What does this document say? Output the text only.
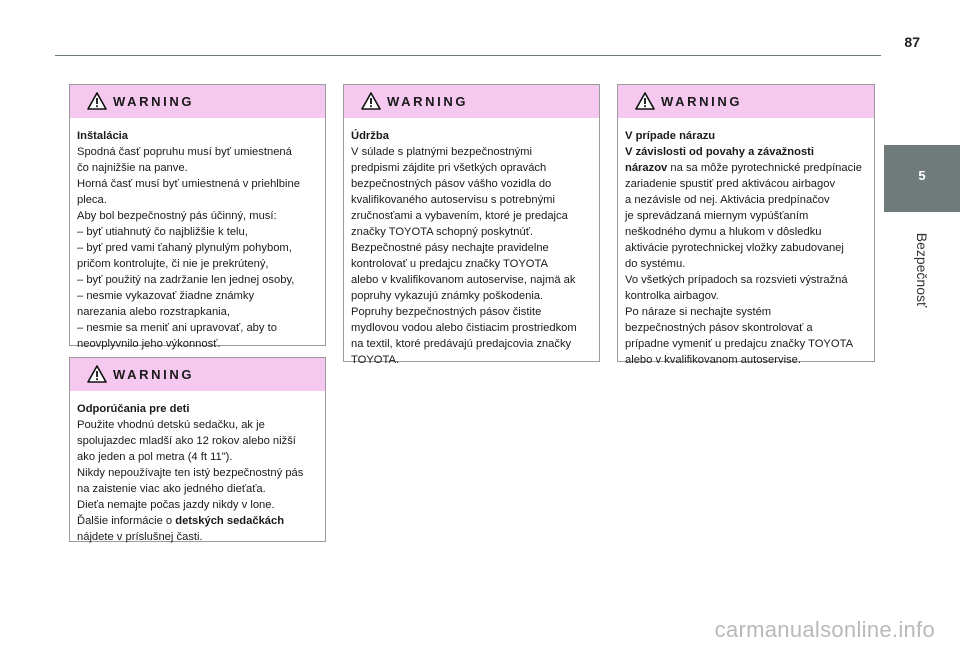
87
5
Bezpečnosť
WARNING

Inštalácia

Spodná časť popruhu musí byť umiestnená

čo najnižšie na panve.

Horná časť musí byť umiestnená v priehlbine

pleca.

Aby bol bezpečnostný pás účinný, musí:

– byť utiahnutý čo najbližšie k telu,

– byť pred vami ťahaný plynulým pohybom,

pričom kontrolujte, či nie je prekrútený,

– byť použitý na zadržanie len jednej osoby,

– nesmie vykazovať žiadne známky

narezania alebo rozstrapkania,

– nesmie sa meniť ani upravovať, aby to

neovplyvnilo jeho výkonnosť.

WARNING

Odporúčania pre deti

Použite vhodnú detskú sedačku, ak je

spolujazdec mladší ako 12 rokov alebo nižší

ako jeden a pol metra (4 ft 11").

Nikdy nepoužívajte ten istý bezpečnostný pás

na zaistenie viac ako jedného dieťaťa.

Dieťa nemajte počas jazdy nikdy v lone.

Ďalšie informácie o detských sedačkách

nájdete v príslušnej časti.

WARNING

Údržba

V súlade s platnými bezpečnostnými

predpismi zájdite pri všetkých opravách

bezpečnostných pásov vášho vozidla do

kvalifikovaného autoservisu s potrebnými

zručnosťami a vybavením, ktoré je predajca

značky TOYOTA schopný poskytnúť.

Bezpečnostné pásy nechajte pravidelne

kontrolovať u predajcu značky TOYOTA

alebo v kvalifikovanom autoservise, najmä ak

popruhy vykazujú známky poškodenia.

Popruhy bezpečnostných pásov čistite

mydlovou vodou alebo čistiacim prostriedkom

na textil, ktoré predávajú predajcovia značky

TOYOTA.

WARNING

V prípade nárazu

V závislosti od povahy a závažnosti

nárazov na sa môže pyrotechnické predpínacie

zariadenie spustiť pred aktivácou airbagov

a nezávisle od nej. Aktivácia predpínačov

je sprevádzaná miernym vypúšťaním

neškodného dymu a hlukom v dôsledku

aktivácie pyrotechnickej vložky zabudovanej

do systému.

Vo všetkých prípadoch sa rozsvieti výstražná

kontrolka airbagov.

Po náraze si nechajte systém

bezpečnostných pásov skontrolovať a

prípadne vymeniť u predajcu značky TOYOTA

alebo v kvalifikovanom autoservise.

carmanualsonline.info
